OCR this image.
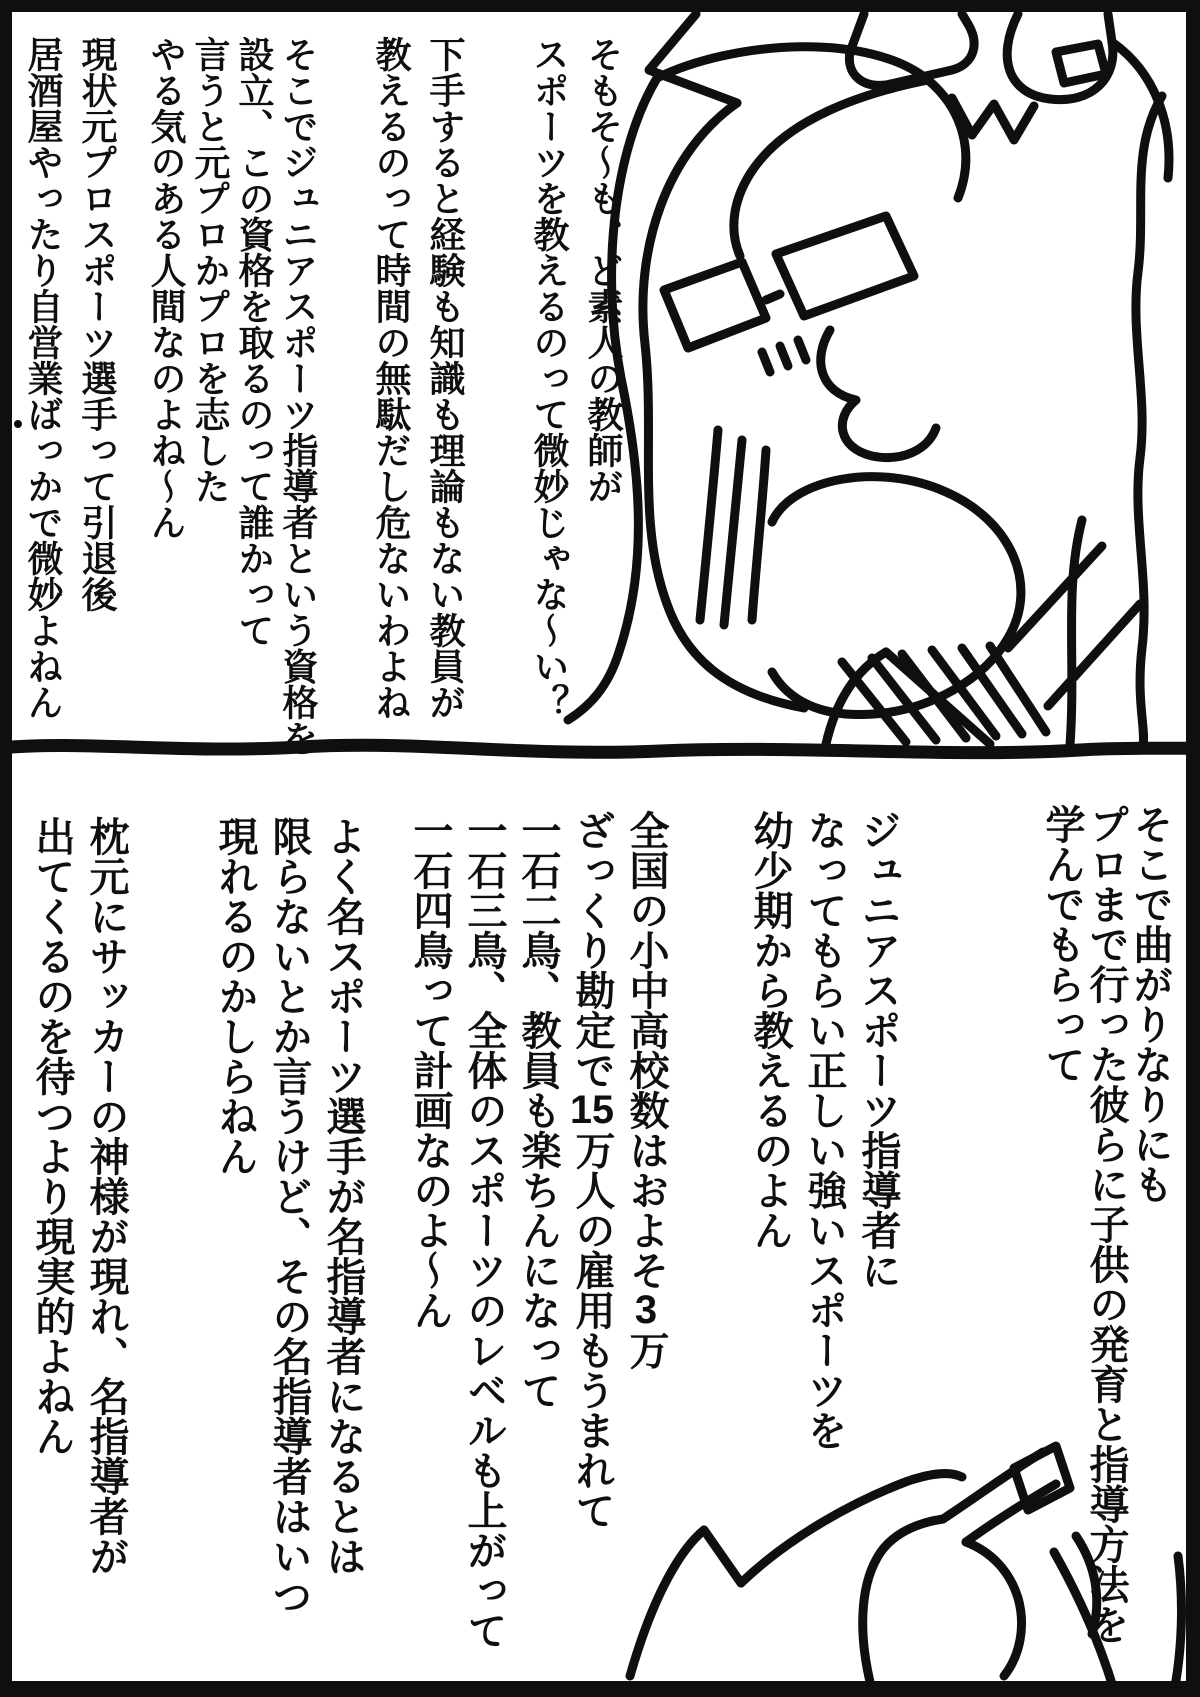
そもそ〜も、ど素人の教師が
スポーツを教えるのって微妙じゃな〜い？
下手すると経験も知識も理論もない教員が
教えるのって時間の無駄だし危ないわよね
そこでジュニアスポーツ指導者という資格を
設立、この資格を取るのって誰かって
言うと元プロかプロを志した
やる気のある人間なのよね〜ん
現状元プロスポーツ選手って引退後
居酒屋やったり自営業ばっかで微妙よねん
そこで曲がりなりにも
プロまで行った彼らに子供の発育と指導方法を
学んでもらって
ジュニアスポーツ指導者に
なってもらい正しい強いスポーツを
幼少期から教えるのよん
全国の小中高校数はおよそ3万
ざっくり勘定で15万人の雇用もうまれて
一石二鳥、教員も楽ちんになって
一石三鳥、全体のスポーツのレベルも上がって
一石四鳥って計画なのよ〜ん
よく名スポーツ選手が名指導者になるとは
限らないとか言うけど、その名指導者はいつ
現れるのかしらねん
枕元にサッカーの神様が現れ、名指導者が
出てくるのを待つより現実的よねん
